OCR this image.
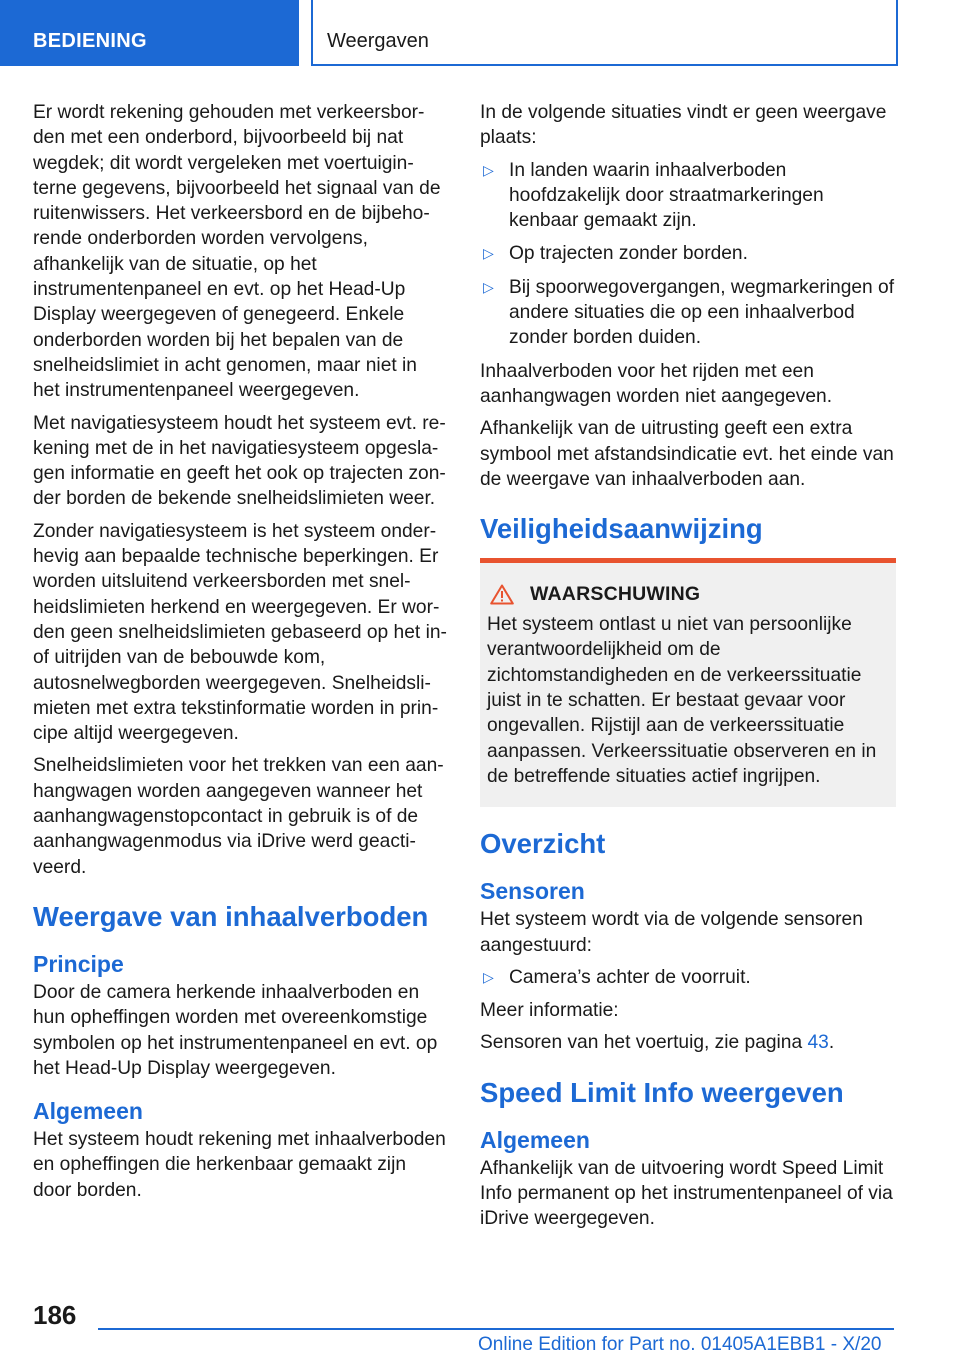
BEDIENING	Weergaven

Er wordt rekening gehouden met verkeersborden met een onderbord, bijvoorbeeld bij nat wegdek; dit wordt vergeleken met voertuiginterne gegevens, bijvoorbeeld het signaal van de ruitenwissers. Het verkeersbord en de bijbehorende onderborden worden vervolgens, afhankelijk van de situatie, op het instrumentenpaneel en evt. op het Head-Up Display weergegeven of genegeerd. Enkele onderborden worden bij het bepalen van de snelheidslimiet in acht genomen, maar niet in het instrumentenpaneel weergegeven.

Met navigatiesysteem houdt het systeem evt. rekening met de in het navigatiesysteem opgeslagen informatie en geeft het ook op trajecten zonder borden de bekende snelheidslimieten weer.

Zonder navigatiesysteem is het systeem onderhevig aan bepaalde technische beperkingen. Er worden uitsluitend verkeersborden met snelheidslimieten herkend en weergegeven. Er worden geen snelheidslimieten gebaseerd op het in- of uitrijden van de bebouwde kom, autosnelwegborden weergegeven. Snelheidslimieten met extra tekstinformatie worden in principe altijd weergegeven.

Snelheidslimieten voor het trekken van een aanhangwagen worden aangegeven wanneer het aanhangwagenstopcontact in gebruik is of de aanhangwagenmodus via iDrive werd geactiveerd.

Weergave van inhaalverboden
Principe

Door de camera herkende inhaalverboden en hun opheffingen worden met overeenkomstige symbolen op het instrumentenpaneel en evt. op het Head-Up Display weergegeven.

Algemeen

Het systeem houdt rekening met inhaalverboden en opheffingen die herkenbaar gemaakt zijn door borden.

In de volgende situaties vindt er geen weergave plaats:

▷ In landen waarin inhaalverboden hoofdzakelijk door straatmarkeringen kenbaar gemaakt zijn.
▷ Op trajecten zonder borden.
▷ Bij spoorwegovergangen, wegmarkeringen of andere situaties die op een inhaalverbod zonder borden duiden.

Inhaalverboden voor het rijden met een aanhangwagen worden niet aangegeven.

Afhankelijk van de uitrusting geeft een extra symbool met afstandsindicatie evt. het einde van de weergave van inhaalverboden aan.

Veiligheidsaanwijzing
WAARSCHUWING

Het systeem ontlast u niet van persoonlijke verantwoordelijkheid om de zichtomstandigheden en de verkeerssituatie juist in te schatten. Er bestaat gevaar voor ongevallen. Rijstijl aan de verkeerssituatie aanpassen. Verkeerssituatie observeren en in de betreffende situaties actief ingrijpen.

Overzicht
Sensoren

Het systeem wordt via de volgende sensoren aangestuurd:

▷ Camera’s achter de voorruit.

Meer informatie:

Sensoren van het voertuig, zie pagina 43.

Speed Limit Info weergeven
Algemeen

Afhankelijk van de uitvoering wordt Speed Limit Info permanent op het instrumentenpaneel of via iDrive weergegeven.

186
Online Edition for Part no. 01405A1EBB1 - X/20
